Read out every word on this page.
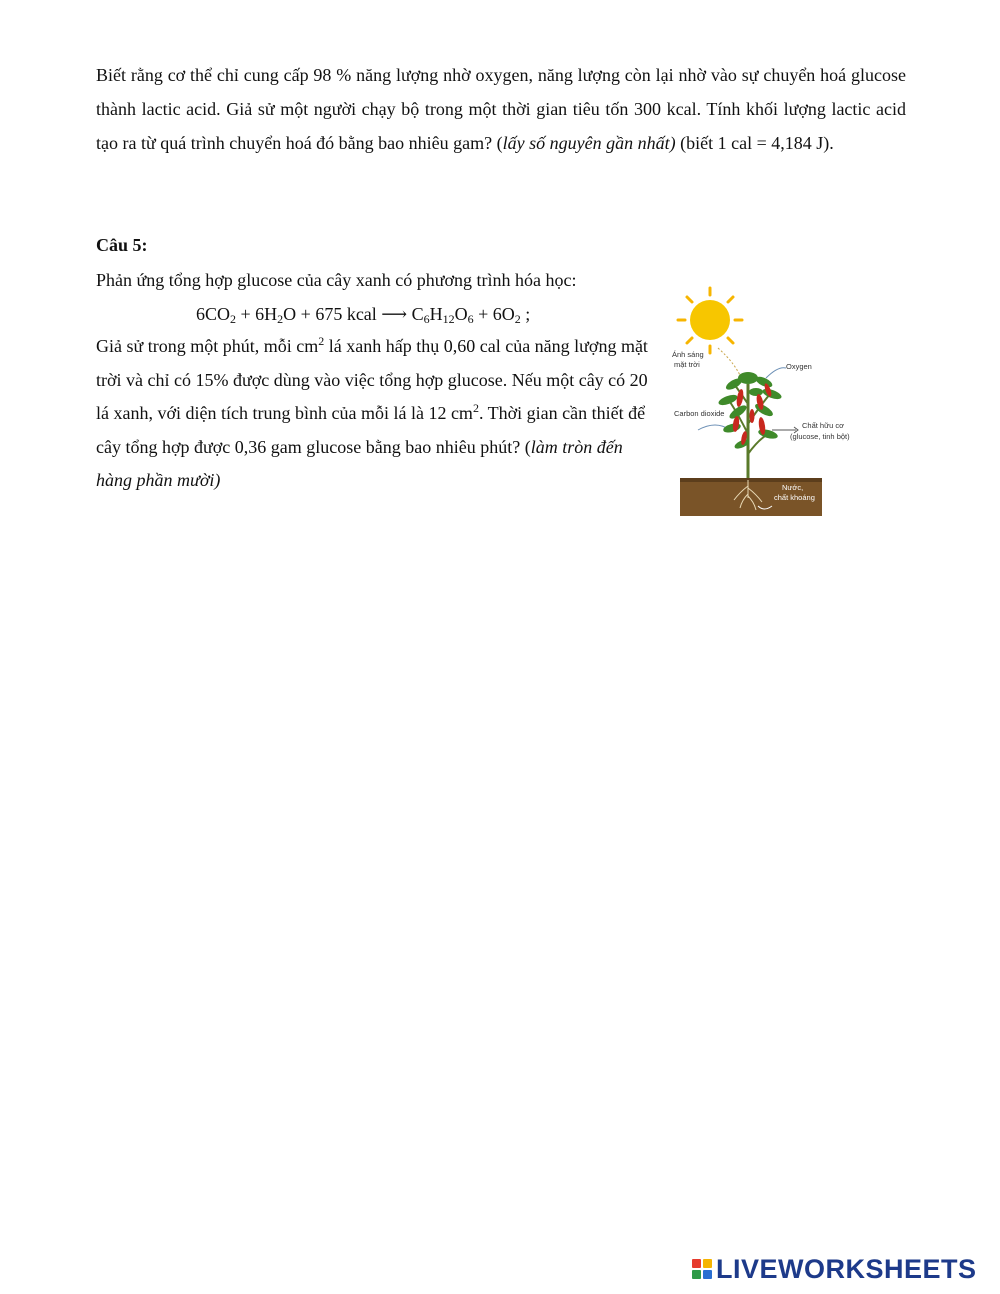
Biết rằng cơ thể chỉ cung cấp 98 % năng lượng nhờ oxygen, năng lượng còn lại nhờ vào sự chuyển hoá glucose thành lactic acid. Giả sử một người chạy bộ trong một thời gian tiêu tốn 300 kcal. Tính khối lượng lactic acid tạo ra từ quá trình chuyển hoá đó bằng bao nhiêu gam? (lấy số nguyên gần nhất) (biết 1 cal = 4,184 J).

Câu 5:
Phản ứng tổng hợp glucose của cây xanh có phương trình hóa học:
$6CO_2 + 6H_2O + 675$ kcal ⟶ $C_6H_{12}O_6 + 6O_2$ ;

Giả sử trong một phút, mỗi $cm^2$ lá xanh hấp thụ 0,60 cal của năng lượng mặt trời và chỉ có 15% được dùng vào việc tổng hợp glucose. Nếu một cây có 20 lá xanh, với diện tích trung bình của mỗi lá là 12 $cm^2$. Thời gian cần thiết để cây tổng hợp được 0,36 gam glucose bằng bao nhiêu phút? (làm tròn đến hàng phần mười)

Ánh sáng
mặt trời	Oxygen
Carbon dioxide
Chất hữu cơ
(glucose, tinh bột)
Nước,
chất khoáng
LIVEWORKSHEETS
